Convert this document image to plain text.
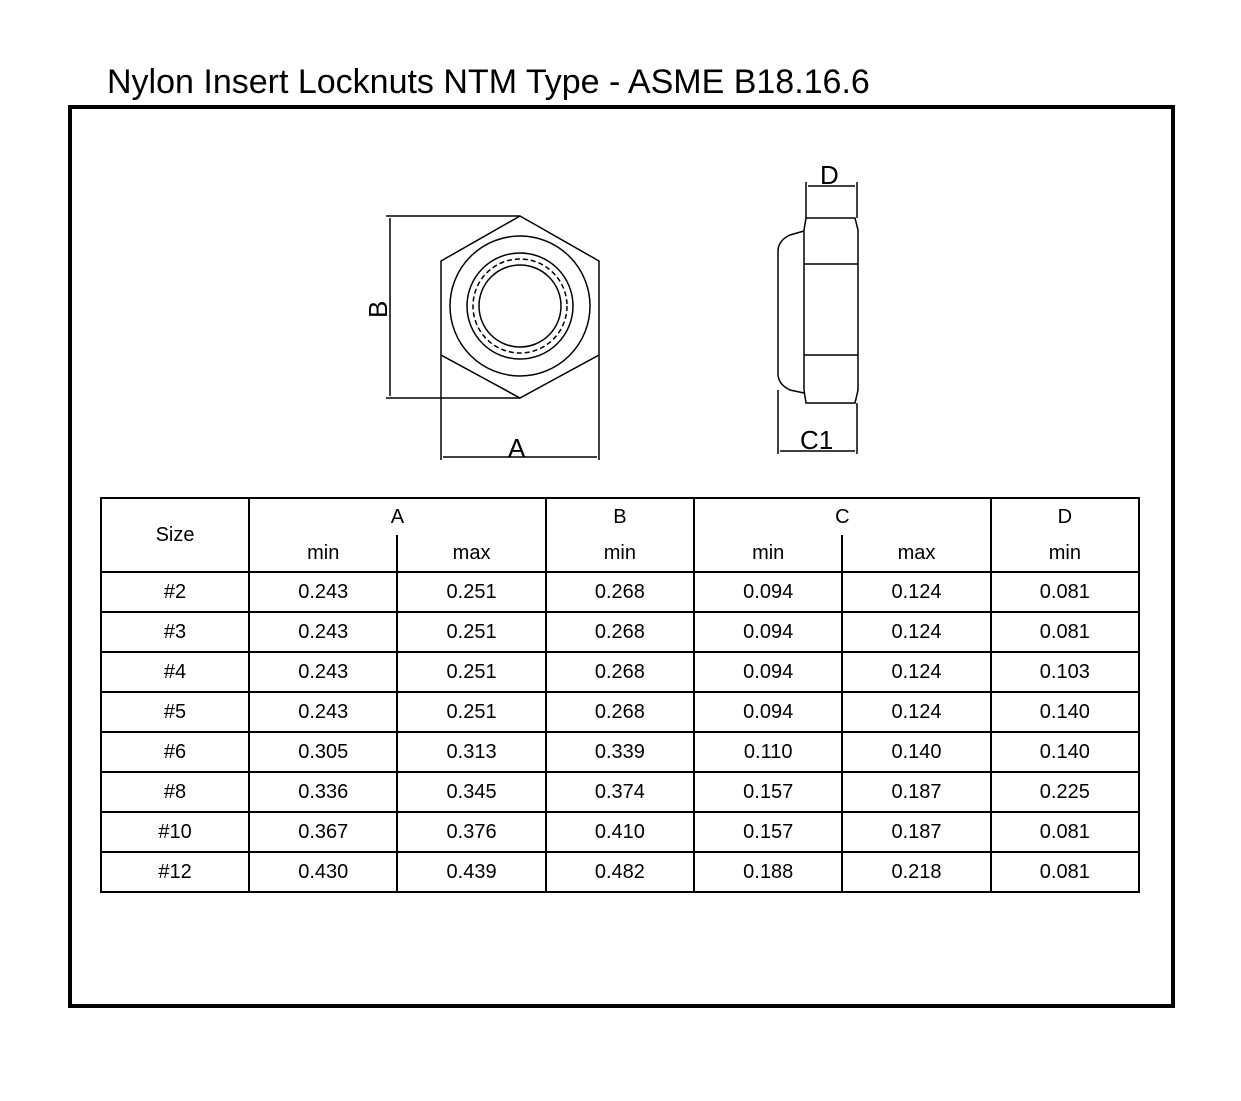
Nylon Insert Locknuts NTM Type - ASME B18.16.6
A
B
D
C1
Size	A		B	C		D
	min	max	min	min	max	min
#2	0.243	0.251	0.268	0.094	0.124	0.081
#3	0.243	0.251	0.268	0.094	0.124	0.081
#4	0.243	0.251	0.268	0.094	0.124	0.103
#5	0.243	0.251	0.268	0.094	0.124	0.140
#6	0.305	0.313	0.339	0.110	0.140	0.140
#8	0.336	0.345	0.374	0.157	0.187	0.225
#10	0.367	0.376	0.410	0.157	0.187	0.081
#12	0.430	0.439	0.482	0.188	0.218	0.081
